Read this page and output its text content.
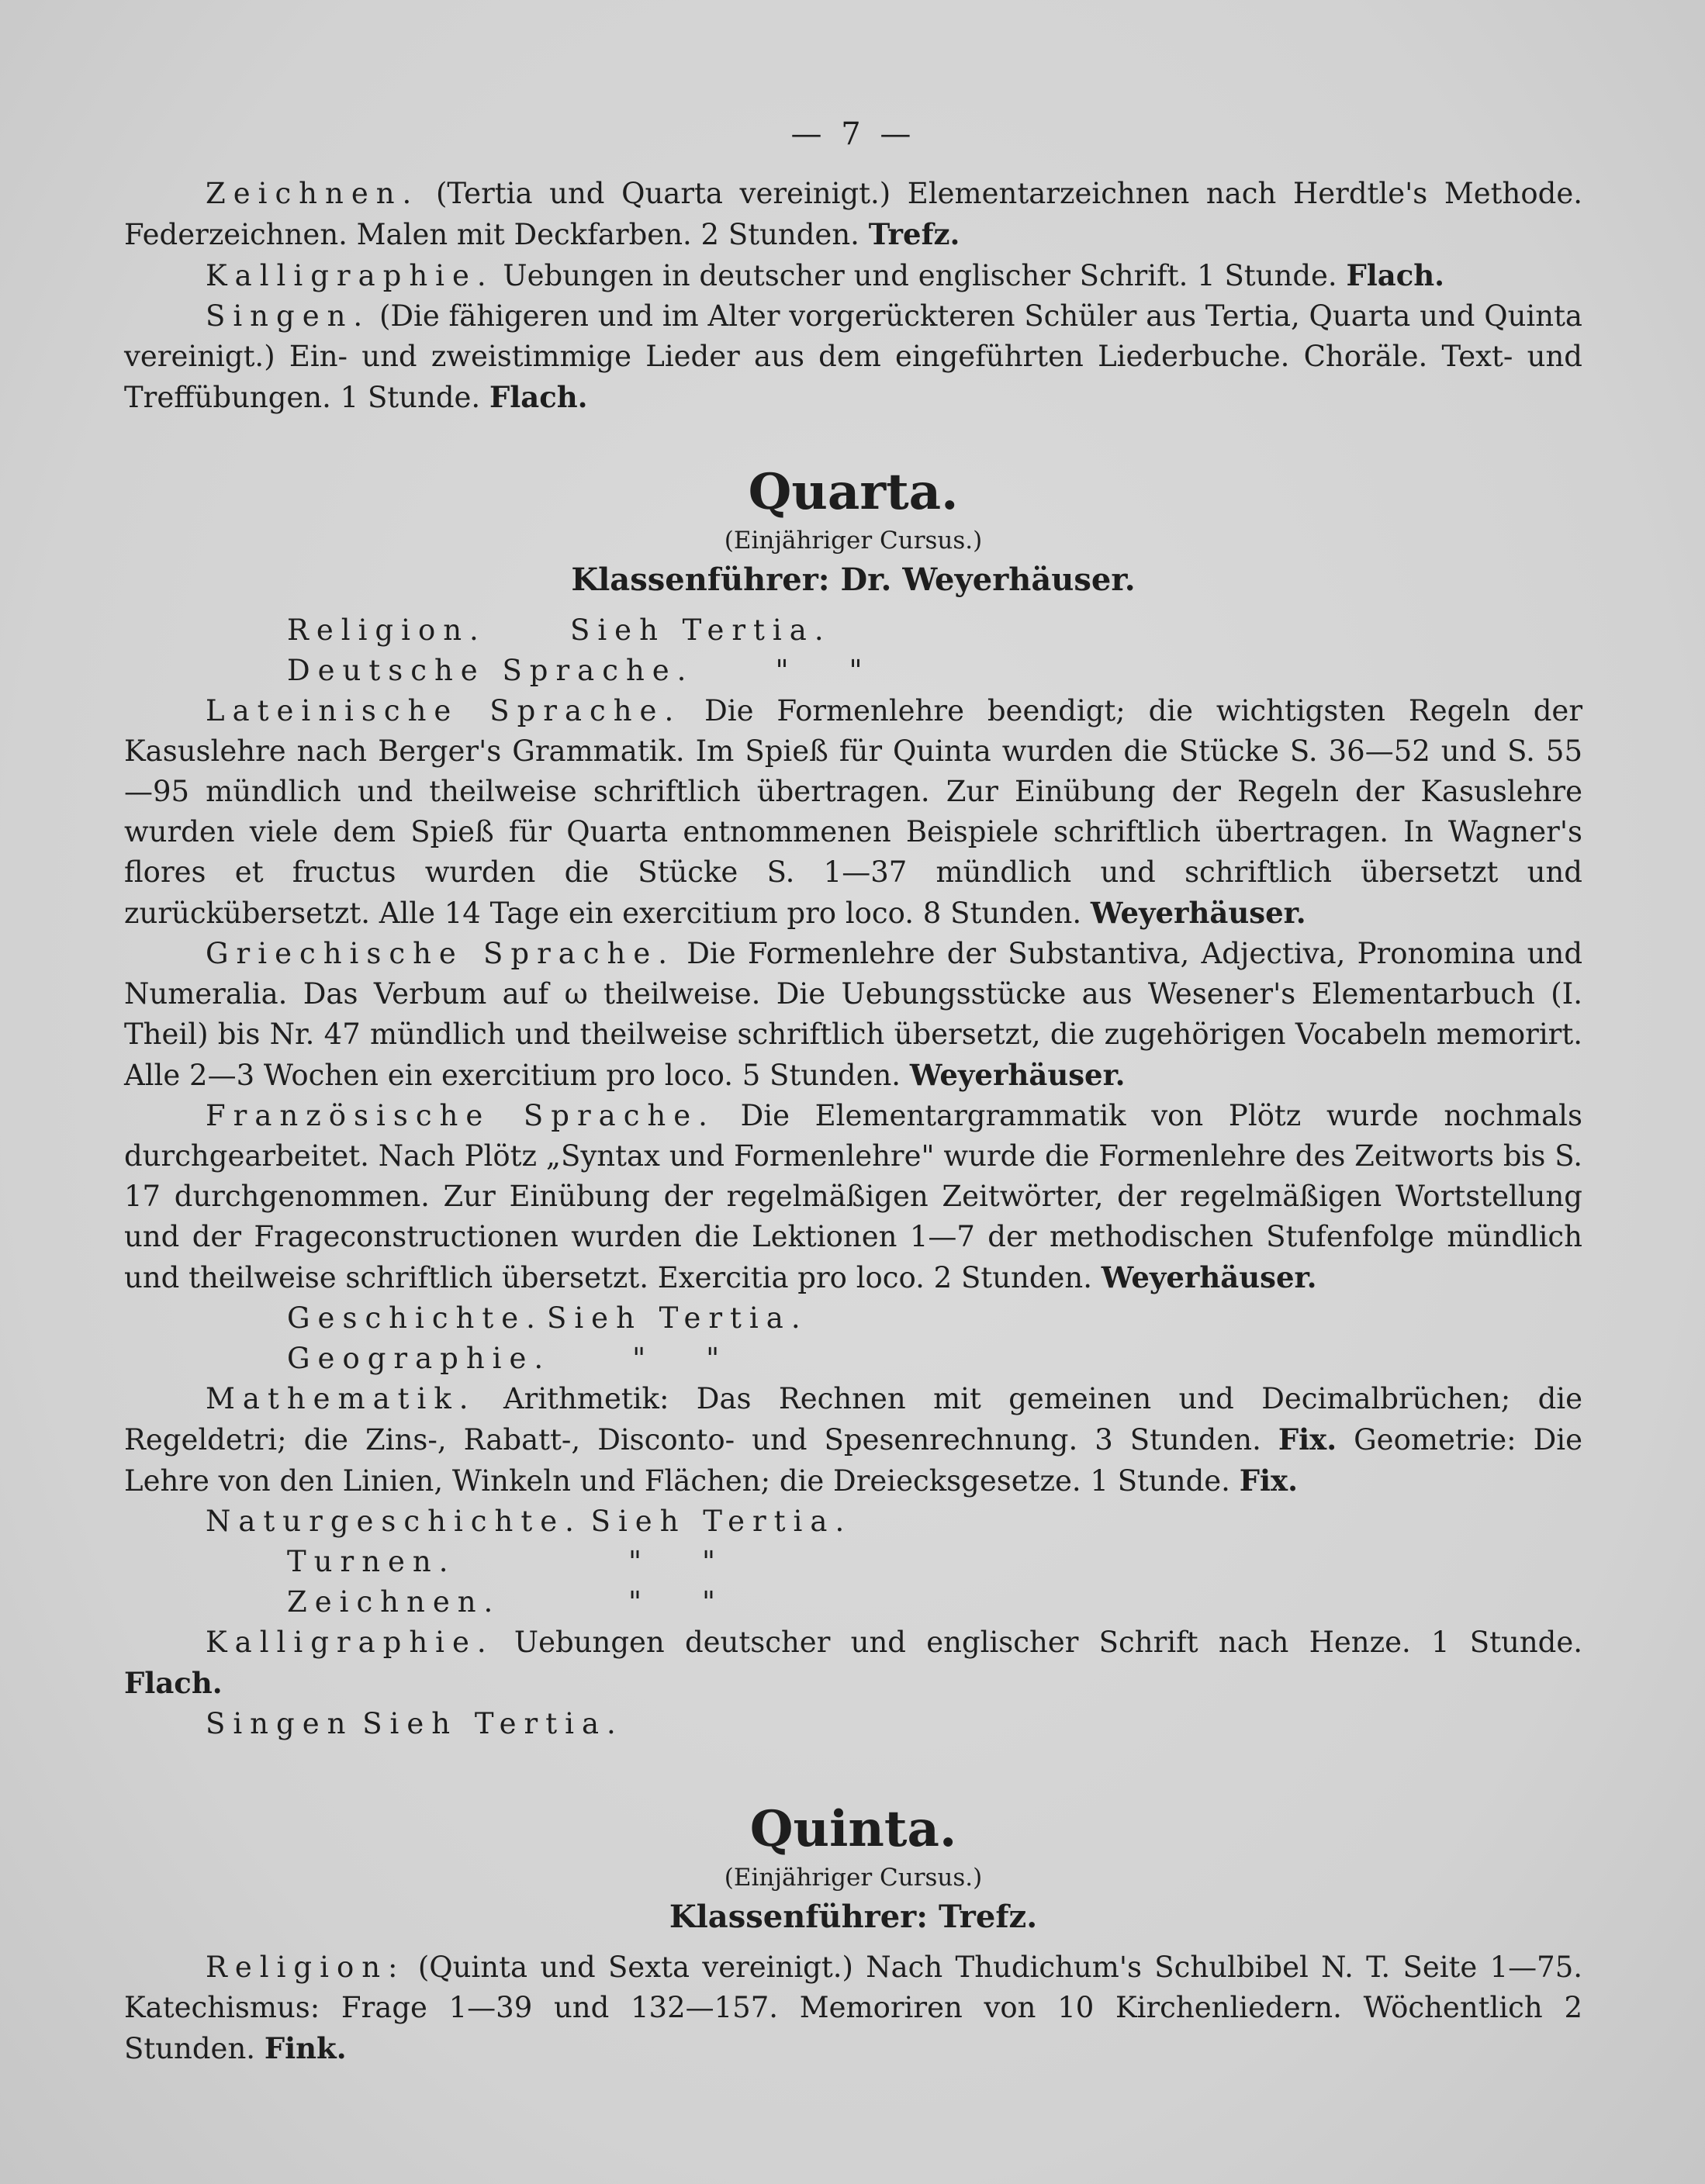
— 7 —

Zeichnen. (Tertia und Quarta vereinigt.) Elementarzeichnen nach Herdtle's Methode. Federzeichnen. Malen mit Deckfarben. 2 Stunden. Trefz.

Kalligraphie. Uebungen in deutscher und englischer Schrift. 1 Stunde. Flach.

Singen. (Die fähigeren und im Alter vorgerückteren Schüler aus Tertia, Quarta und Quinta vereinigt.) Ein- und zweistimmige Lieder aus dem eingeführten Liederbuche. Choräle. Text- und Treffübungen. 1 Stunde. Flach.

Quarta.
(Einjähriger Cursus.)
Klassenführer: Dr. Weyerhäuser.

Religion.	Sieh Tertia.

Deutsche Sprache.	" "

Lateinische Sprache. Die Formenlehre beendigt; die wichtigsten Regeln der Kasuslehre nach Berger's Grammatik. Im Spieß für Quinta wurden die Stücke S. 36—52 und S. 55—95 mündlich und theilweise schriftlich übertragen. Zur Einübung der Regeln der Kasuslehre wurden viele dem Spieß für Quarta entnommenen Beispiele schriftlich übertragen. In Wagner's flores et fructus wurden die Stücke S. 1—37 mündlich und schriftlich übersetzt und zurückübersetzt. Alle 14 Tage ein exercitium pro loco. 8 Stunden. Weyerhäuser.

Griechische Sprache. Die Formenlehre der Substantiva, Adjectiva, Pronomina und Numeralia. Das Verbum auf ω theilweise. Die Uebungsstücke aus Wesener's Elementarbuch (I. Theil) bis Nr. 47 mündlich und theilweise schriftlich übersetzt, die zugehörigen Vocabeln memorirt. Alle 2—3 Wochen ein exercitium pro loco. 5 Stunden. Weyerhäuser.

Französische Sprache. Die Elementargrammatik von Plötz wurde nochmals durchgearbeitet. Nach Plötz „Syntax und Formenlehre" wurde die Formenlehre des Zeitworts bis S. 17 durchgenommen. Zur Einübung der regelmäßigen Zeitwörter, der regelmäßigen Wortstellung und der Frageconstructionen wurden die Lektionen 1—7 der methodischen Stufenfolge mündlich und theilweise schriftlich übersetzt. Exercitia pro loco. 2 Stunden. Weyerhäuser.

Geschichte. Sieh Tertia.

Geographie.	" "

Mathematik. Arithmetik: Das Rechnen mit gemeinen und Decimalbrüchen; die Regeldetri; die Zins-, Rabatt-, Disconto- und Spesenrechnung. 3 Stunden. Fix. Geometrie: Die Lehre von den Linien, Winkeln und Flächen; die Dreiecksgesetze. 1 Stunde. Fix.

Naturgeschichte. Sieh Tertia.

Turnen.	" "

Zeichnen.	" "

Kalligraphie. Uebungen deutscher und englischer Schrift nach Henze. 1 Stunde. Flach.

Singen Sieh Tertia.

Quinta.
(Einjähriger Cursus.)
Klassenführer: Trefz.

Religion: (Quinta und Sexta vereinigt.) Nach Thudichum's Schulbibel N. T. Seite 1—75. Katechismus: Frage 1—39 und 132—157. Memoriren von 10 Kirchenliedern. Wöchentlich 2 Stunden. Fink.
